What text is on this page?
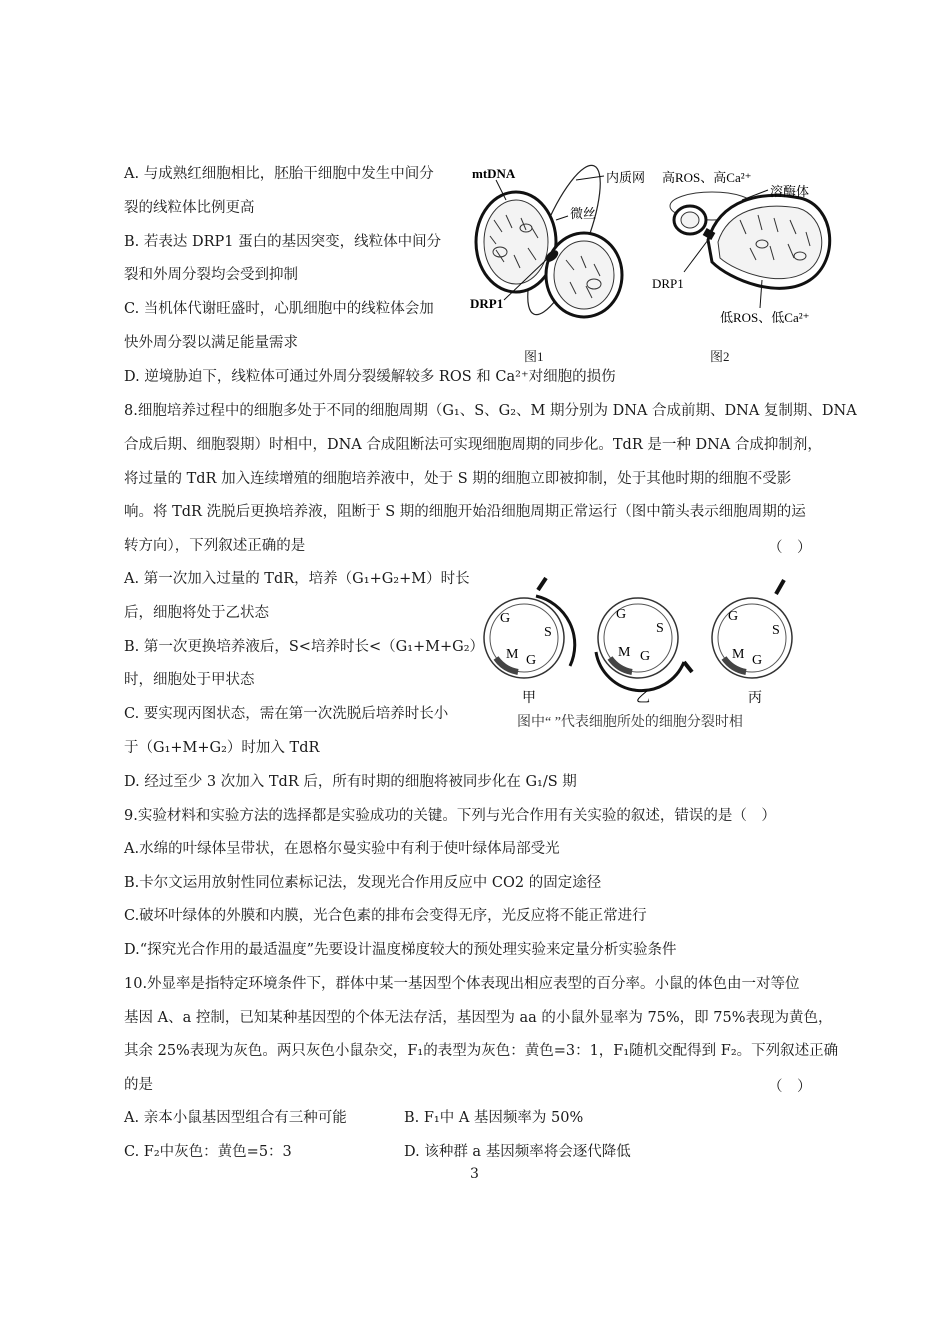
A. 与成熟红细胞相比，胚胎干细胞中发生中间分
裂的线粒体比例更高
B. 若表达 DRP1 蛋白的基因突变，线粒体中间分
裂和外周分裂均会受到抑制
C. 当机体代谢旺盛时，心肌细胞中的线粒体会加
快外周分裂以满足能量需求
D. 逆境胁迫下，线粒体可通过外周分裂缓解较多 ROS 和 Ca²⁺对细胞的损伤
mtDNA	内质网
微丝
DRP1
图1
高ROS、高Ca²⁺
溶酶体
DRP1
低ROS、低Ca²⁺
图2
8.细胞培养过程中的细胞多处于不同的细胞周期（G₁、S、G₂、M 期分别为 DNA 合成前期、DNA 复制期、DNA
合成后期、细胞裂期）时相中，DNA 合成阻断法可实现细胞周期的同步化。TdR 是一种 DNA 合成抑制剂，
将过量的 TdR 加入连续增殖的细胞培养液中，处于 S 期的细胞立即被抑制，处于其他时期的细胞不受影
响。将 TdR 洗脱后更换培养液，阻断于 S 期的细胞开始沿细胞周期正常运行（图中箭头表示细胞周期的运
转方向），下列叙述正确的是	（　）
A. 第一次加入过量的 TdR，培养（G₁+G₂+M）时长
后，细胞将处于乙状态
B. 第一次更换培养液后，S<培养时长<（G₁+M+G₂）
时，细胞处于甲状态
C. 要实现丙图状态，需在第一次洗脱后培养时长小
于（G₁+M+G₂）时加入 TdR
D. 经过至少 3 次加入 TdR 后，所有时期的细胞将被同步化在 G₁/S 期
G
S
M G
G
S
M G
G
S
M G
甲	乙	丙
图中“ ”代表细胞所处的细胞分裂时相
9.实验材料和实验方法的选择都是实验成功的关键。下列与光合作用有关实验的叙述，错误的是（　）
A.水绵的叶绿体呈带状，在恩格尔曼实验中有利于使叶绿体局部受光
B.卡尔文运用放射性同位素标记法，发现光合作用反应中 CO2 的固定途径
C.破坏叶绿体的外膜和内膜，光合色素的排布会变得无序，光反应将不能正常进行
D.“探究光合作用的最适温度”先要设计温度梯度较大的预处理实验来定量分析实验条件
10.外显率是指特定环境条件下，群体中某一基因型个体表现出相应表型的百分率。小鼠的体色由一对等位
基因 A、a 控制，已知某种基因型的个体无法存活，基因型为 aa 的小鼠外显率为 75%，即 75%表现为黄色，
其余 25%表现为灰色。两只灰色小鼠杂交，F₁的表型为灰色：黄色=3：1，F₁随机交配得到 F₂。下列叙述正确
的是	（　）
A. 亲本小鼠基因型组合有三种可能	B. F₁中 A 基因频率为 50%
C. F₂中灰色：黄色=5：3	D. 该种群 a 基因频率将会逐代降低
3
